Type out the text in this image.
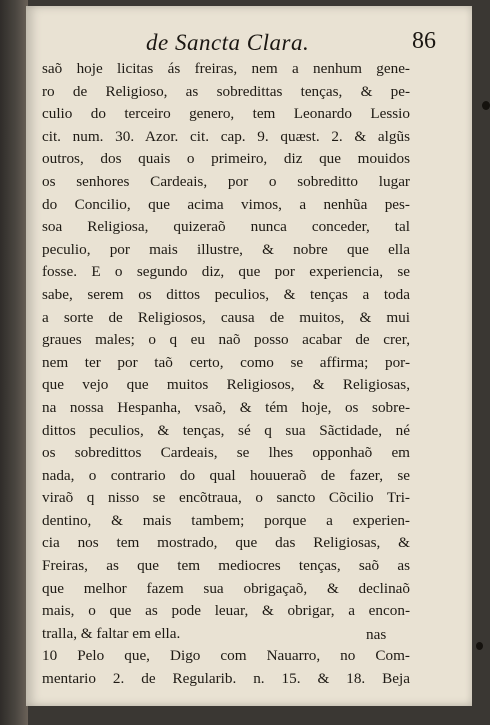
de Sancta Clara.	86
saõ hoje licitas ás freiras, nem a nenhum gene-
ro de Religioso, as sobredittas tenças, & pe-
culio do terceiro genero, tem Leonardo Lessio
cit. num. 30. Azor. cit. cap. 9. quæst. 2. & algũs
outros, dos quais o primeiro, diz que mouidos
os senhores Cardeais, por o sobreditto lugar
do Concilio, que acima vimos, a nenhũa pes-
soa Religiosa, quizeraõ nunca conceder, tal
peculio, por mais illustre, & nobre que ella
fosse. E o segundo diz, que por experiencia, se
sabe, serem os dittos peculios, & tenças a toda
a sorte de Religiosos, causa de muitos, & mui
graues males; o q eu naõ posso acabar de crer,
nem ter por taõ certo, como se affirma; por-
que vejo que muitos Religiosos, & Religiosas,
na nossa Hespanha, vsaõ, & tém hoje, os sobre-
dittos peculios, & tenças, sé q sua Sãctidade, né
os sobredittos Cardeais, se lhes opponhaõ em
nada, o contrario do qual houueraõ de fazer, se
viraõ q nisso se encõtraua, o sancto Cõcilio Tri-
dentino, & mais tambem; porque a experien-
cia nos tem mostrado, que das Religiosas, &
Freiras, as que tem mediocres tenças, saõ as
que melhor fazem sua obrigaçaõ, & declinaõ
mais, o que as pode leuar, & obrigar, a encon-
tralla, & faltar em ella.
10 Pelo que, Digo com Nauarro, no Com-
mentario 2. de Regularib. n. 15. & 18. Beja
nas
